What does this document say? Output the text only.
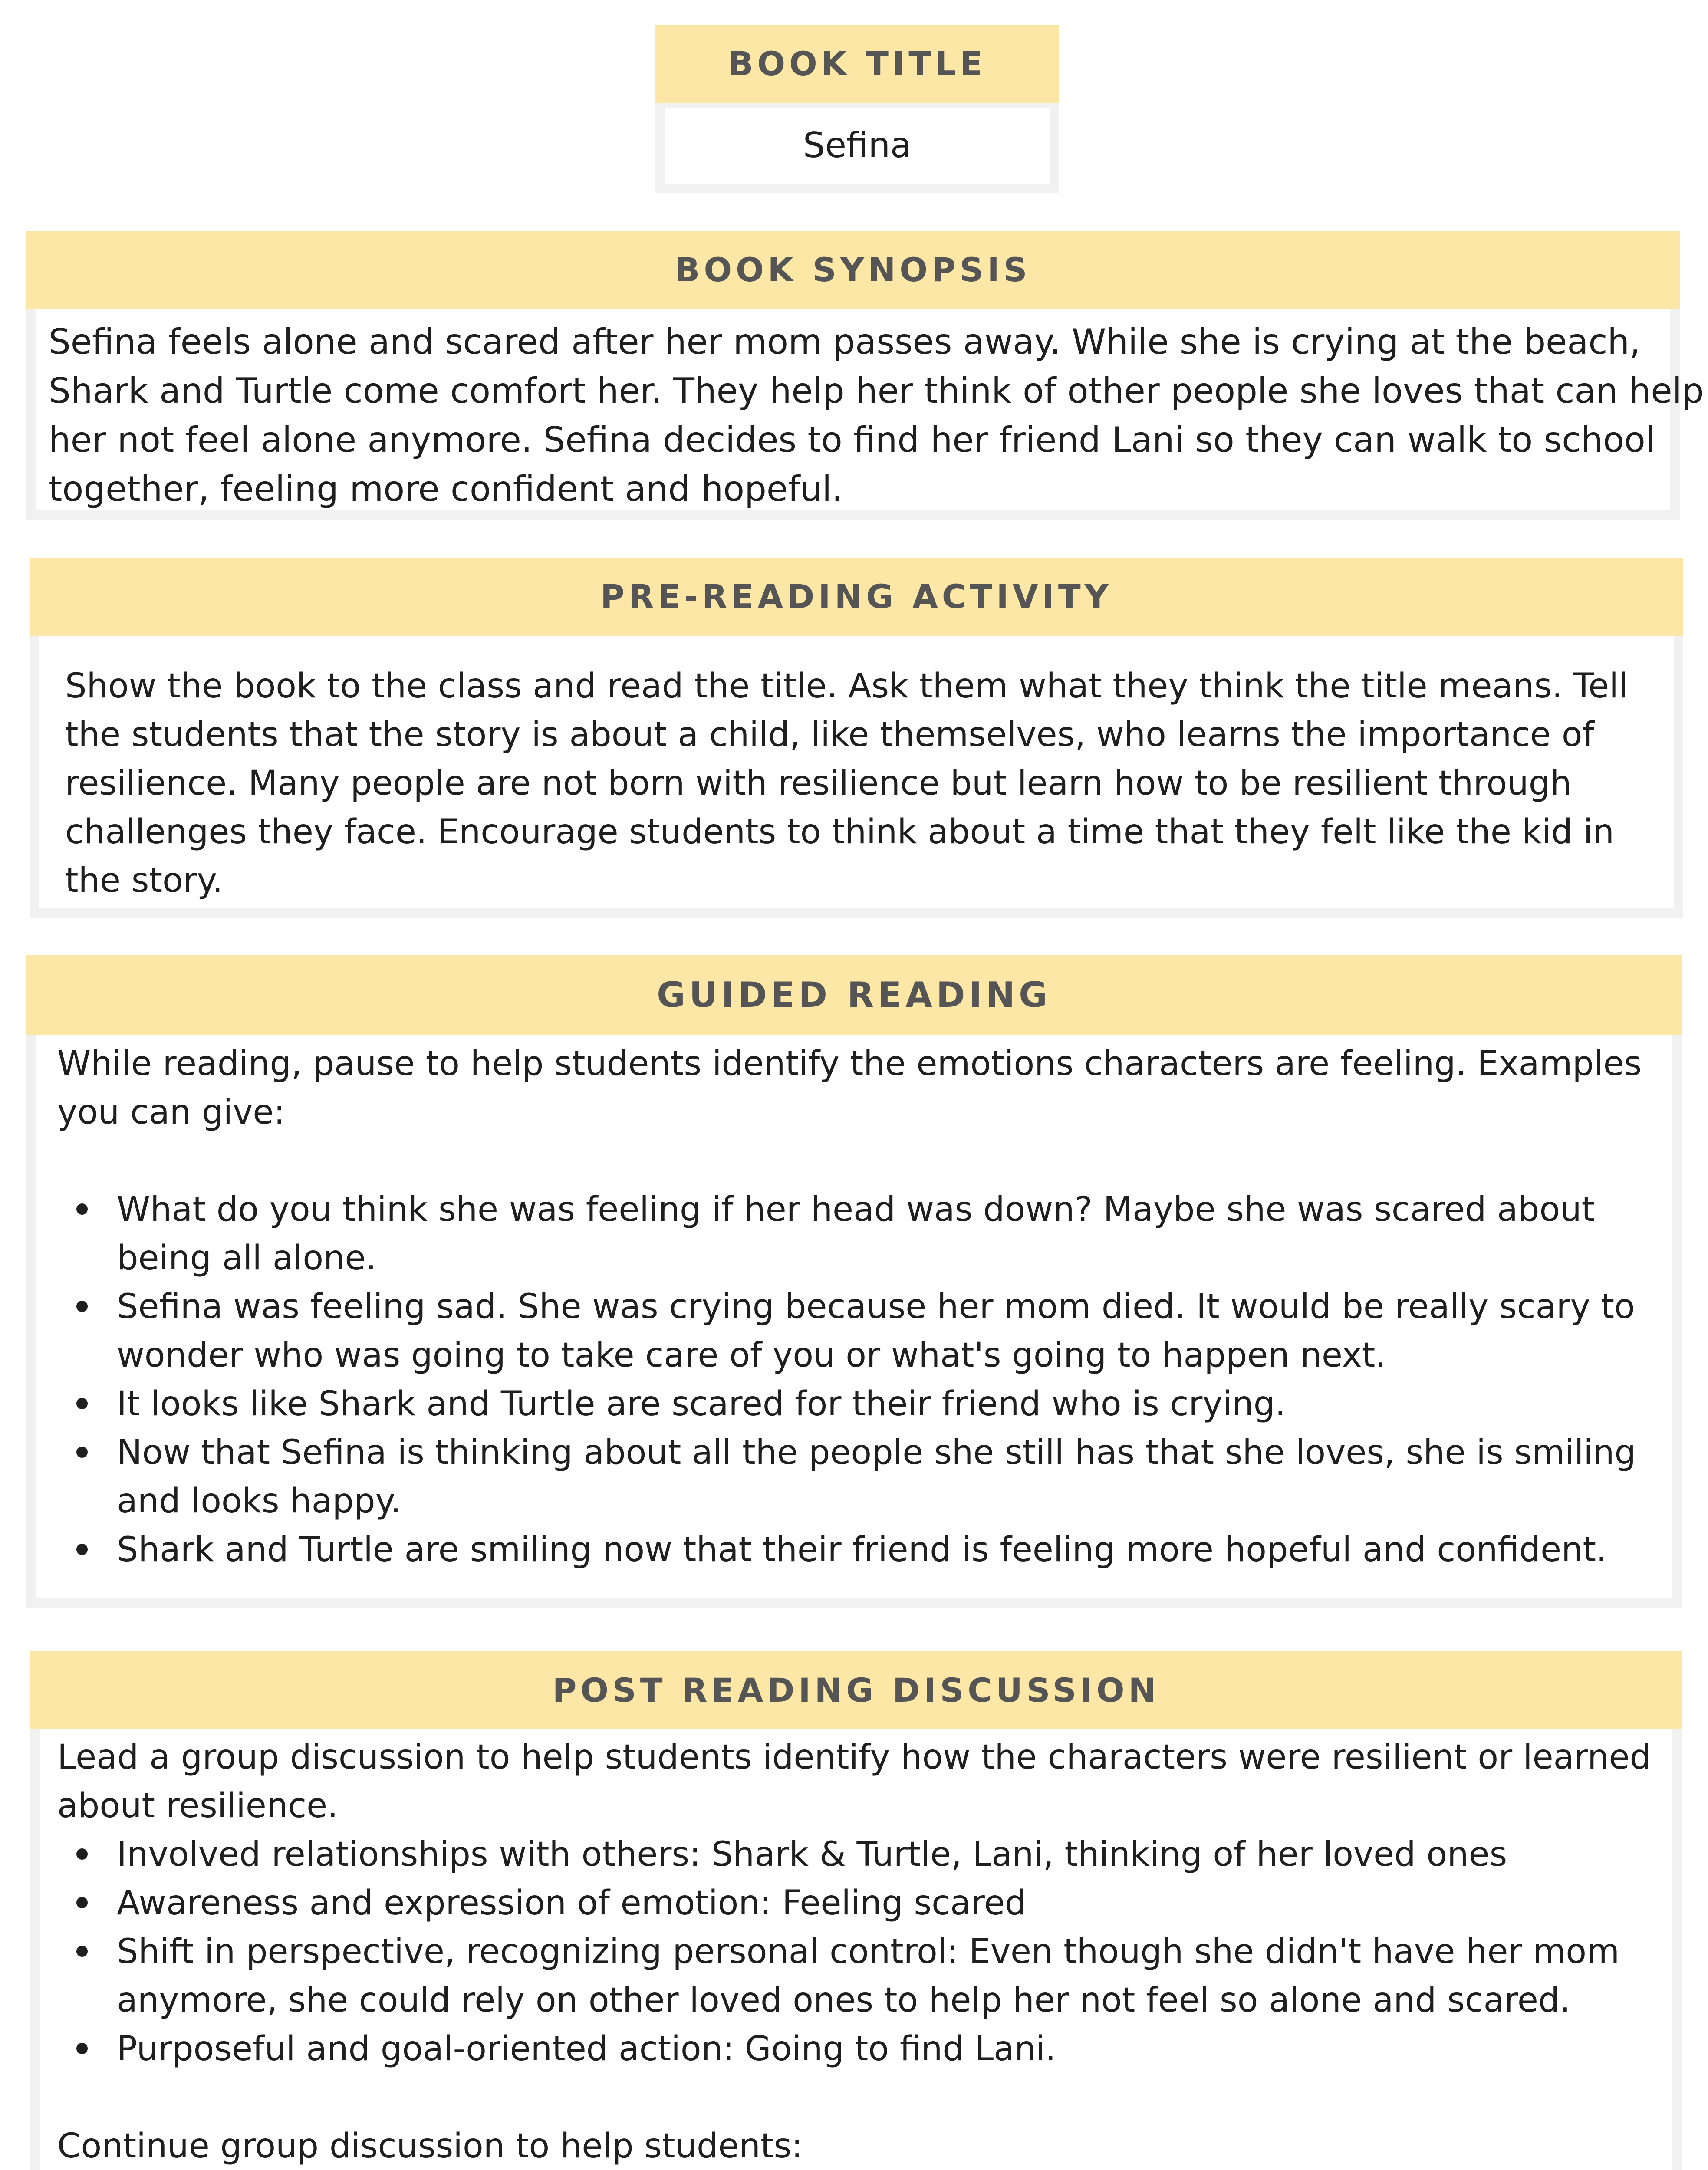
BOOK TITLE
Sefina
BOOK SYNOPSIS

Sefina feels alone and scared after her mom passes away. While she is crying at the beach, Shark and Turtle come comfort her. They help her think of other people she loves that can help her not feel alone anymore. Sefina decides to find her friend Lani so they can walk to school together, feeling more confident and hopeful.

PRE-READING ACTIVITY

Show the book to the class and read the title. Ask them what they think the title means. Tell the students that the story is about a child, like themselves, who learns the importance of resilience. Many people are not born with resilience but learn how to be resilient through challenges they face. Encourage students to think about a time that they felt like the kid in the story.

GUIDED READING

While reading, pause to help students identify the emotions characters are feeling. Examples you can give:

What do you think she was feeling if her head was down? Maybe she was scared about being all alone.
Sefina was feeling sad. She was crying because her mom died. It would be really scary to wonder who was going to take care of you or what's going to happen next.
It looks like Shark and Turtle are scared for their friend who is crying.
Now that Sefina is thinking about all the people she still has that she loves, she is smiling and looks happy.
Shark and Turtle are smiling now that their friend is feeling more hopeful and confident.
POST READING DISCUSSION

Lead a group discussion to help students identify how the characters were resilient or learned about resilience.

Involved relationships with others: Shark & Turtle, Lani, thinking of her loved ones
Awareness and expression of emotion: Feeling scared
Shift in perspective, recognizing personal control: Even though she didn't have her mom anymore, she could rely on other loved ones to help her not feel so alone and scared.
Purposeful and goal-oriented action: Going to find Lani.

Continue group discussion to help students:
